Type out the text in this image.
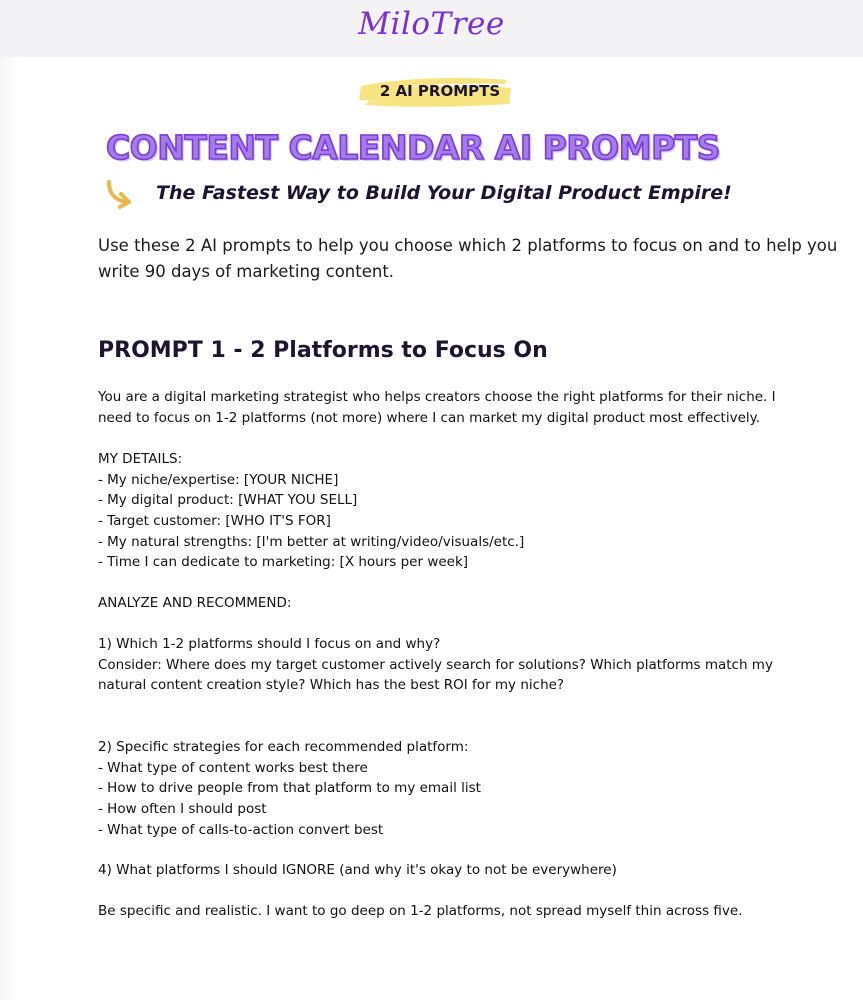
MiloTree
2 AI PROMPTS
CONTENT CALENDAR AI PROMPTS
The Fastest Way to Build Your Digital Product Empire!
Use these 2 AI prompts to help you choose which 2 platforms to focus on and to help you
write 90 days of marketing content.
PROMPT 1 - 2 Platforms to Focus On
You are a digital marketing strategist who helps creators choose the right platforms for their niche. I
need to focus on 1-2 platforms (not more) where I can market my digital product most effectively.
MY DETAILS:
- My niche/expertise: [YOUR NICHE]
- My digital product: [WHAT YOU SELL]
- Target customer: [WHO IT'S FOR]
- My natural strengths: [I'm better at writing/video/visuals/etc.]
- Time I can dedicate to marketing: [X hours per week]
ANALYZE AND RECOMMEND:
1) Which 1-2 platforms should I focus on and why?
Consider: Where does my target customer actively search for solutions? Which platforms match my
natural content creation style? Which has the best ROI for my niche?
2) Specific strategies for each recommended platform:
- What type of content works best there
- How to drive people from that platform to my email list
- How often I should post
- What type of calls-to-action convert best
4) What platforms I should IGNORE (and why it's okay to not be everywhere)
Be specific and realistic. I want to go deep on 1-2 platforms, not spread myself thin across five.
